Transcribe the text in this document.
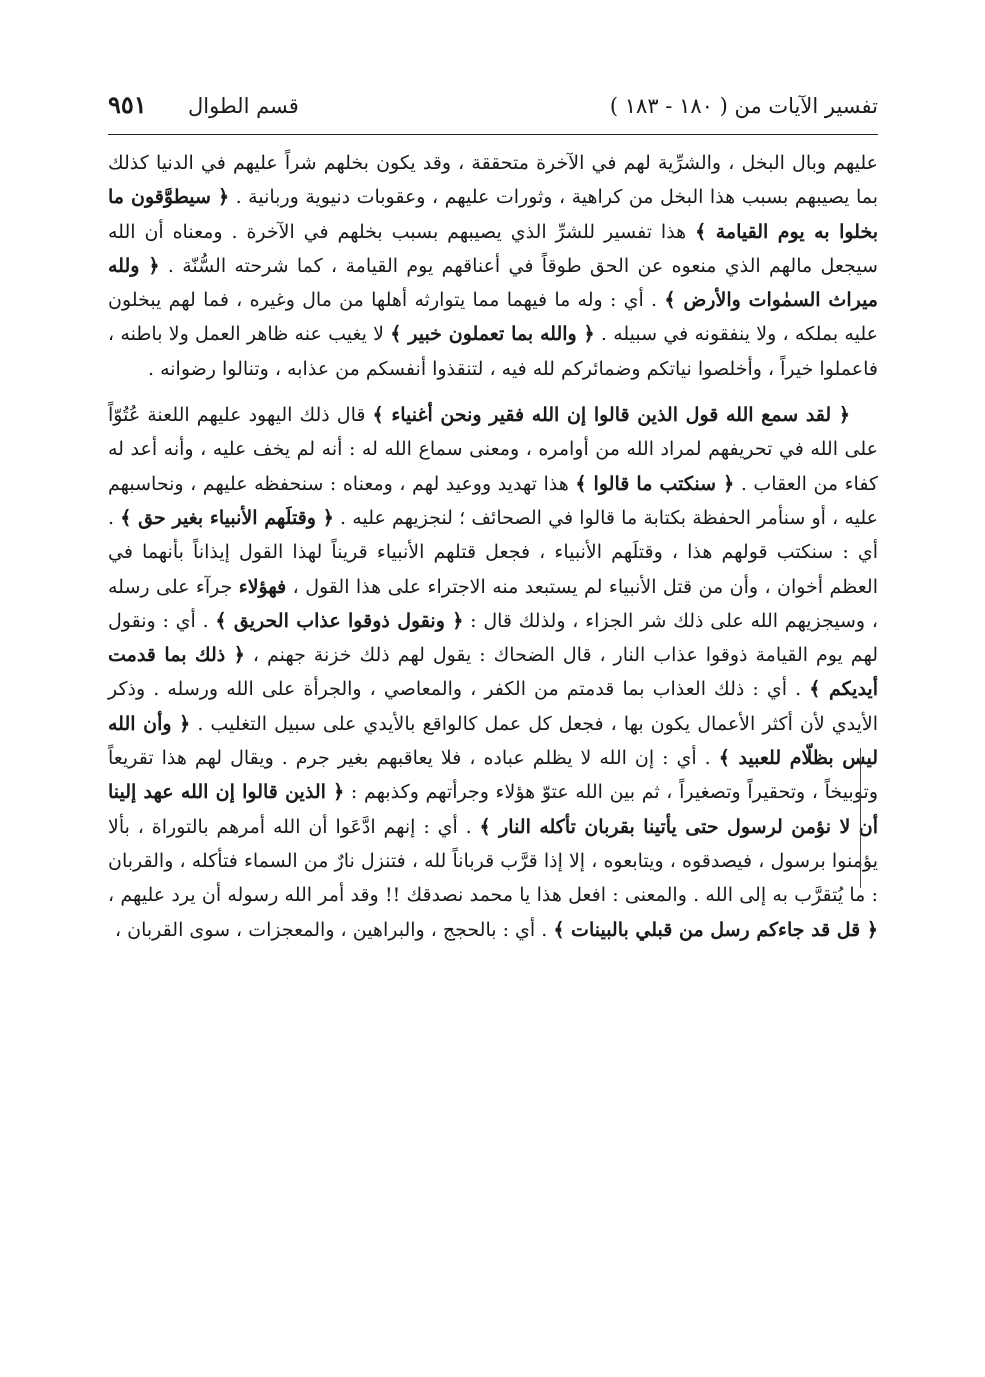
تفسير الآيات من ( ١٨٠ - ١٨٣ )
قسم الطوال
٩٥١

عليهم وبال البخل ، والشرِّية لهم في الآخرة متحققة ، وقد يكون بخلهم شراً عليهم في الدنيا كذلك بما يصيبهم بسبب هذا البخل من كراهية ، وثورات عليهم ، وعقوبات دنيوية وربانية . ﴿ سيطوَّقون ما بخلوا به يوم القيامة ﴾ هذا تفسير للشرِّ الذي يصيبهم بسبب بخلهم في الآخرة . ومعناه أن الله سيجعل مالهم الذي منعوه عن الحق طوقاً في أعناقهم يوم القيامة ، كما شرحته السُّنّة . ﴿ ولله ميراث السمٰوات والأرض ﴾ . أي : وله ما فيهما مما يتوارثه أهلها من مال وغيره ، فما لهم يبخلون عليه بملكه ، ولا ينفقونه في سبيله . ﴿ والله بما تعملون خبير ﴾ لا يغيب عنه ظاهر العمل ولا باطنه ، فاعملوا خيراً ، وأخلصوا نياتكم وضمائركم لله فيه ، لتنقذوا أنفسكم من عذابه ، وتنالوا رضوانه .

﴿ لقد سمع الله قول الذين قالوا إن الله فقير ونحن أغنياء ﴾ قال ذلك اليهود عليهم اللعنة عُتُوّاً على الله في تحريفهم لمراد الله من أوامره ، ومعنى سماع الله له : أنه لم يخف عليه ، وأنه أعد له كفاء من العقاب . ﴿ سنكتب ما قالوا ﴾ هذا تهديد ووعيد لهم ، ومعناه : سنحفظه عليهم ، ونحاسبهم عليه ، أو سنأمر الحفظة بكتابة ما قالوا في الصحائف ؛ لنجزيهم عليه . ﴿ وقتلَهم الأنبياء بغير حق ﴾ . أي : سنكتب قولهم هذا ، وقتلَهم الأنبياء ، فجعل قتلهم الأنبياء قريناً لهذا القول إيذاناً بأنهما في العظم أخوان ، وأن من قتل الأنبياء لم يستبعد منه الاجتراء على هذا القول ، فهؤلاء جرآء على رسله ، وسيجزيهم الله على ذلك شر الجزاء ، ولذلك قال : ﴿ ونقول ذوقوا عذاب الحريق ﴾ . أي : ونقول لهم يوم القيامة ذوقوا عذاب النار ، قال الضحاك : يقول لهم ذلك خزنة جهنم ، ﴿ ذلك بما قدمت أيديكم ﴾ . أي : ذلك العذاب بما قدمتم من الكفر ، والمعاصي ، والجرأة على الله ورسله . وذكر الأيدي لأن أكثر الأعمال يكون بها ، فجعل كل عمل كالواقع بالأيدي على سبيل التغليب . ﴿ وأن الله ليس بظلّام للعبيد ﴾ . أي : إن الله لا يظلم عباده ، فلا يعاقبهم بغير جرم . ويقال لهم هذا تقريعاً وتوبيخاً ، وتحقيراً وتصغيراً ، ثم بين الله عتوّ هؤلاء وجرأتهم وكذبهم : ﴿ الذين قالوا إن الله عهد إلينا أن لا نؤمن لرسول حتى يأتينا بقربان تأكله النار ﴾ . أي : إنهم ادَّعَوا أن الله أمرهم بالتوراة ، بألا يؤمنوا برسول ، فيصدقوه ، ويتابعوه ، إلا إذا قرَّب قرباناً لله ، فتنزل نارٌ من السماء فتأكله ، والقربان : ما يُتقرَّب به إلى الله . والمعنى : افعل هذا يا محمد نصدقك !! وقد أمر الله رسوله أن يرد عليهم ، ﴿ قل قد جاءكم رسل من قبلي بالبينات ﴾ . أي : بالحجج ، والبراهين ، والمعجزات ، سوى القربان ،
